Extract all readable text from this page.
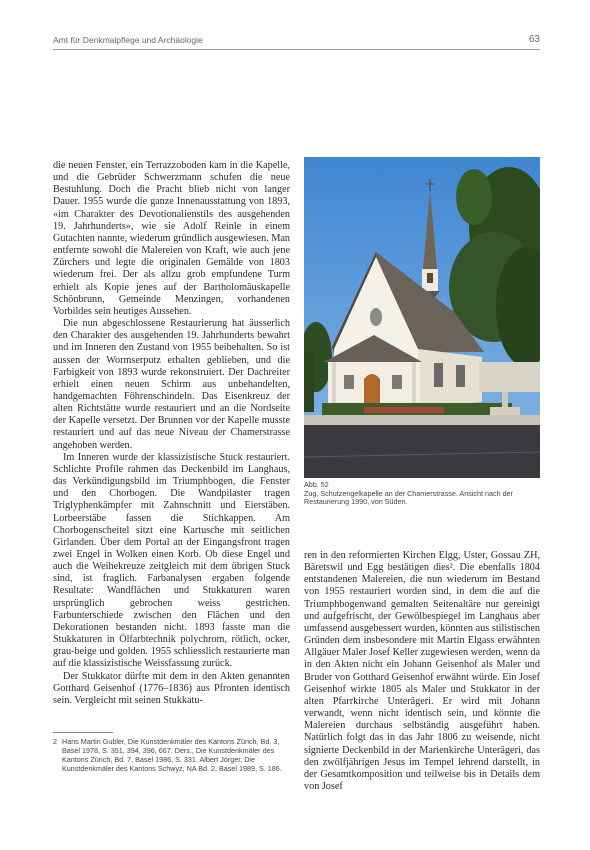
Amt für Denkmalpflege und Archäologie	63

die neuen Fenster, ein Terrazzoboden kam in die Kapelle, und die Gebrüder Schwerzmann schufen die neue Bestuhlung. Doch die Pracht blieb nicht von langer Dauer. 1955 wurde die ganze Innenausstattung von 1893, «im Charakter des Devotionalienstils des ausgehenden 19. Jahrhunderts», wie sie Adolf Reinle in einem Gutachten nannte, wiederum gründlich ausgewiesen. Man entfernte sowohl die Malereien von Kraft, wie auch jene Zürchers und legte die originalen Gemälde von 1803 wiederum frei. Der als allzu grob empfundene Turm erhielt als Kopie jenes auf der Bartholomäuskapelle Schönbrunn, Gemeinde Menzingen, vorhandenen Vorbildes sein heutiges Aussehen.

Die nun abgeschlossene Restaurierung hat äusserlich den Charakter des ausgehenden 19. Jahrhunderts bewahrt und im Inneren den Zustand von 1955 beibehalten. So ist aussen der Wormserputz erhalten geblieben, und die Farbigkeit von 1893 wurde rekonstruiert. Der Dachreiter erhielt einen neuen Schirm aus unbehandelten, handgemachten Föhrenschindeln. Das Eisenkreuz der alten Richtstätte wurde restauriert und an die Nordseite der Kapelle versetzt. Der Brunnen vor der Kapelle musste restauriert und auf das neue Niveau der Chamerstrasse angehoben werden.

Im Inneren wurde der klassizistische Stuck restauriert. Schlichte Profile rahmen das Deckenbild im Langhaus, das Verkündigungsbild im Triumphbogen, die Fenster und den Chorbogen. Die Wandpilaster tragen Triglyphenkämpfer mit Zahnschnitt und Eierstäben. Lorbeerstäbe fassen die Stichkappen. Am Chorbogenscheitel sitzt eine Kartusche mit seitlichen Girlanden. Über dem Portal an der Eingangsfront tragen zwei Engel in Wolken einen Korb. Ob diese Engel und auch die Weihekreuze zeitgleich mit dem übrigen Stuck sind, ist fraglich. Farbanalysen ergaben folgende Resultate: Wandflächen und Stukkaturen waren ursprünglich gebrochen weiss gestrichen. Farbunterschiede zwischen den Flächen und den Dekorationen bestanden nicht. 1893 fasste man die Stukkaturen in Ölfarbtechnik polychrom, rötlich, ocker, grau-beige und golden. 1955 schliesslich restaurierte man auf die klassizistische Weissfassung zurück.

Der Stukkator dürfte mit dem in den Akten genannten Gotthard Geisenhof (1776–1836) aus Pfronten identisch sein. Vergleicht mit seinen Stukkatu-

Abb. 52
Zug, Schutzengelkapelle an der Chamerstrasse. Ansicht nach der Restaurierung 1990, von Süden.

ren in den reformierten Kirchen Elgg, Uster, Gossau ZH, Bäretswil und Egg bestätigen dies². Die ebenfalls 1804 entstandenen Malereien, die nun wiederum im Bestand von 1955 restauriert worden sind, in dem die auf die Triumphbogenwand gemalten Seitenaltäre nur gereinigt und aufgefrischt, der Gewölbespiegel im Langhaus aber umfassend ausgebessert wurden, könnten aus stilistischen Gründen dem insbesondere mit Martin Elgass erwähnten Allgäuer Maler Josef Keller zugewiesen werden, wenn da in den Akten nicht ein Johann Geisenhof als Maler und Bruder von Gotthard Geisenhof erwähnt würde. Ein Josef Geisenhof wirkte 1805 als Maler und Stukkator in der alten Pfarrkirche Unterägeri. Er wird mit Johann verwandt, wenn nicht identisch sein, und könnte die Malereien durchaus selbständig ausgeführt haben. Natürlich folgt das in das Jahr 1806 zu weisende, nicht signierte Deckenbild in der Marienkirche Unterägeri, das den zwölfjährigen Jesus im Tempel lehrend darstellt, in der Gesamtkomposition und teilweise bis in Details dem von Josef

2 Hans Martin Gubler, Die Kunstdenkmäler des Kantons Zürich, Bd. 3, Basel 1978, S. 351, 394, 396, 667. Ders., Die Kunstdenkmäler des Kantons Zürich, Bd. 7, Basel 1986, S. 331. Albert Jörger, Die Kunstdenkmäler des Kantons Schwyz, NA Bd. 2, Basel 1989, S. 186.
